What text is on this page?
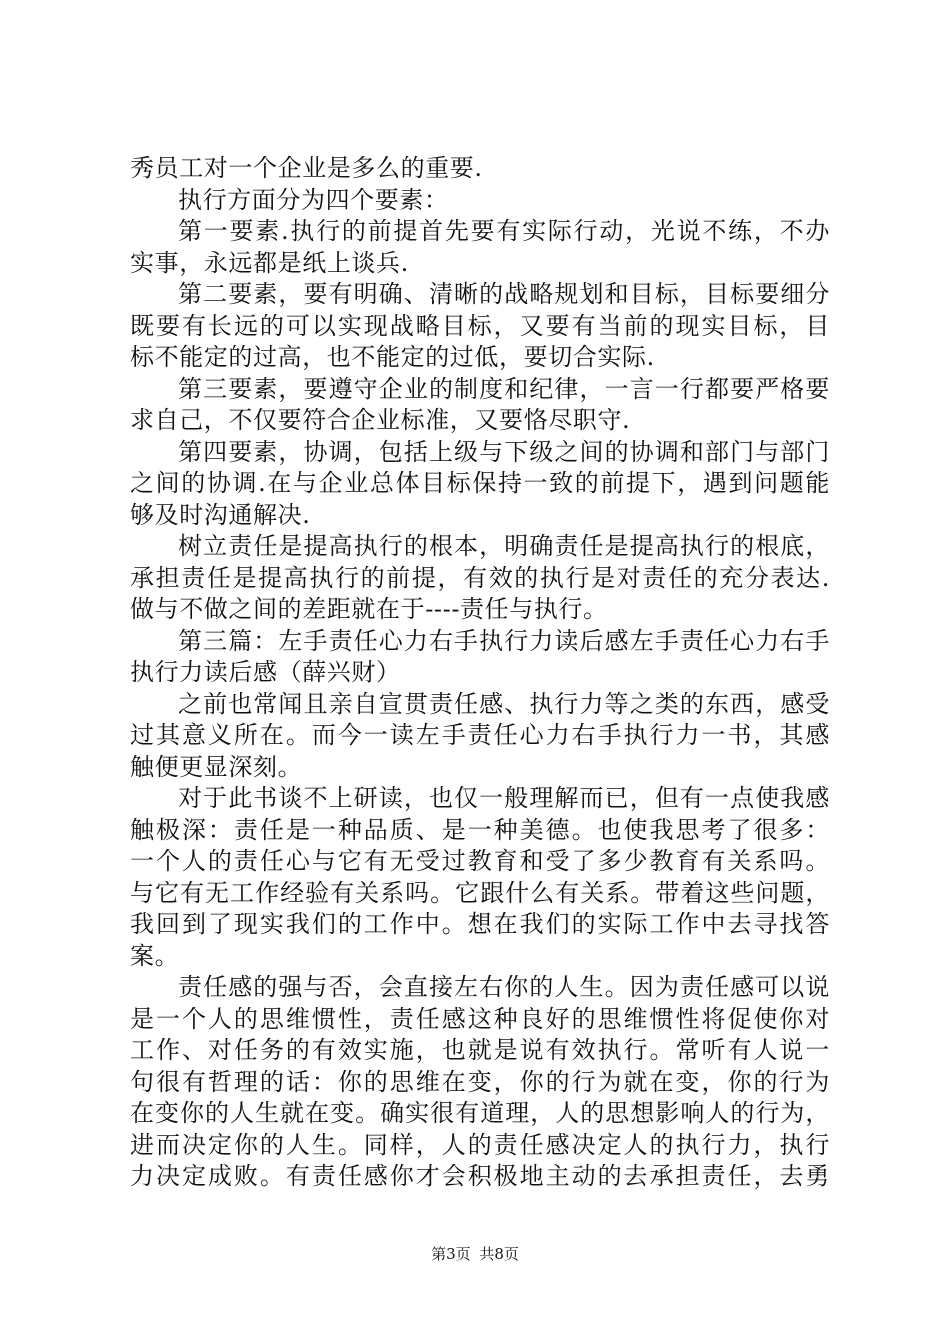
秀员工对一个企业是多么的重要.
执行方面分为四个要素：
第一要素.执行的前提首先要有实际行动，光说不练，不办
实事，永远都是纸上谈兵.
第二要素，要有明确、清晰的战略规划和目标，目标要细分
既要有长远的可以实现战略目标，又要有当前的现实目标，目
标不能定的过高，也不能定的过低，要切合实际.
第三要素，要遵守企业的制度和纪律，一言一行都要严格要
求自己，不仅要符合企业标准，又要恪尽职守.
第四要素，协调，包括上级与下级之间的协调和部门与部门
之间的协调.在与企业总体目标保持一致的前提下，遇到问题能
够及时沟通解决.
树立责任是提高执行的根本，明确责任是提高执行的根底，
承担责任是提高执行的前提，有效的执行是对责任的充分表达.
做与不做之间的差距就在于----责任与执行。
第三篇：左手责任心力右手执行力读后感左手责任心力右手
执行力读后感（薛兴财）
之前也常闻且亲自宣贯责任感、执行力等之类的东西，感受
过其意义所在。而今一读左手责任心力右手执行力一书，其感
触便更显深刻。
对于此书谈不上研读，也仅一般理解而已，但有一点使我感
触极深：责任是一种品质、是一种美德。也使我思考了很多：
一个人的责任心与它有无受过教育和受了多少教育有关系吗。
与它有无工作经验有关系吗。它跟什么有关系。带着这些问题，
我回到了现实我们的工作中。想在我们的实际工作中去寻找答
案。
责任感的强与否，会直接左右你的人生。因为责任感可以说
是一个人的思维惯性，责任感这种良好的思维惯性将促使你对
工作、对任务的有效实施，也就是说有效执行。常听有人说一
句很有哲理的话：你的思维在变，你的行为就在变，你的行为
在变你的人生就在变。确实很有道理，人的思想影响人的行为，
进而决定你的人生。同样，人的责任感决定人的执行力，执行
力决定成败。有责任感你才会积极地主动的去承担责任，去勇
第3页 共8页
